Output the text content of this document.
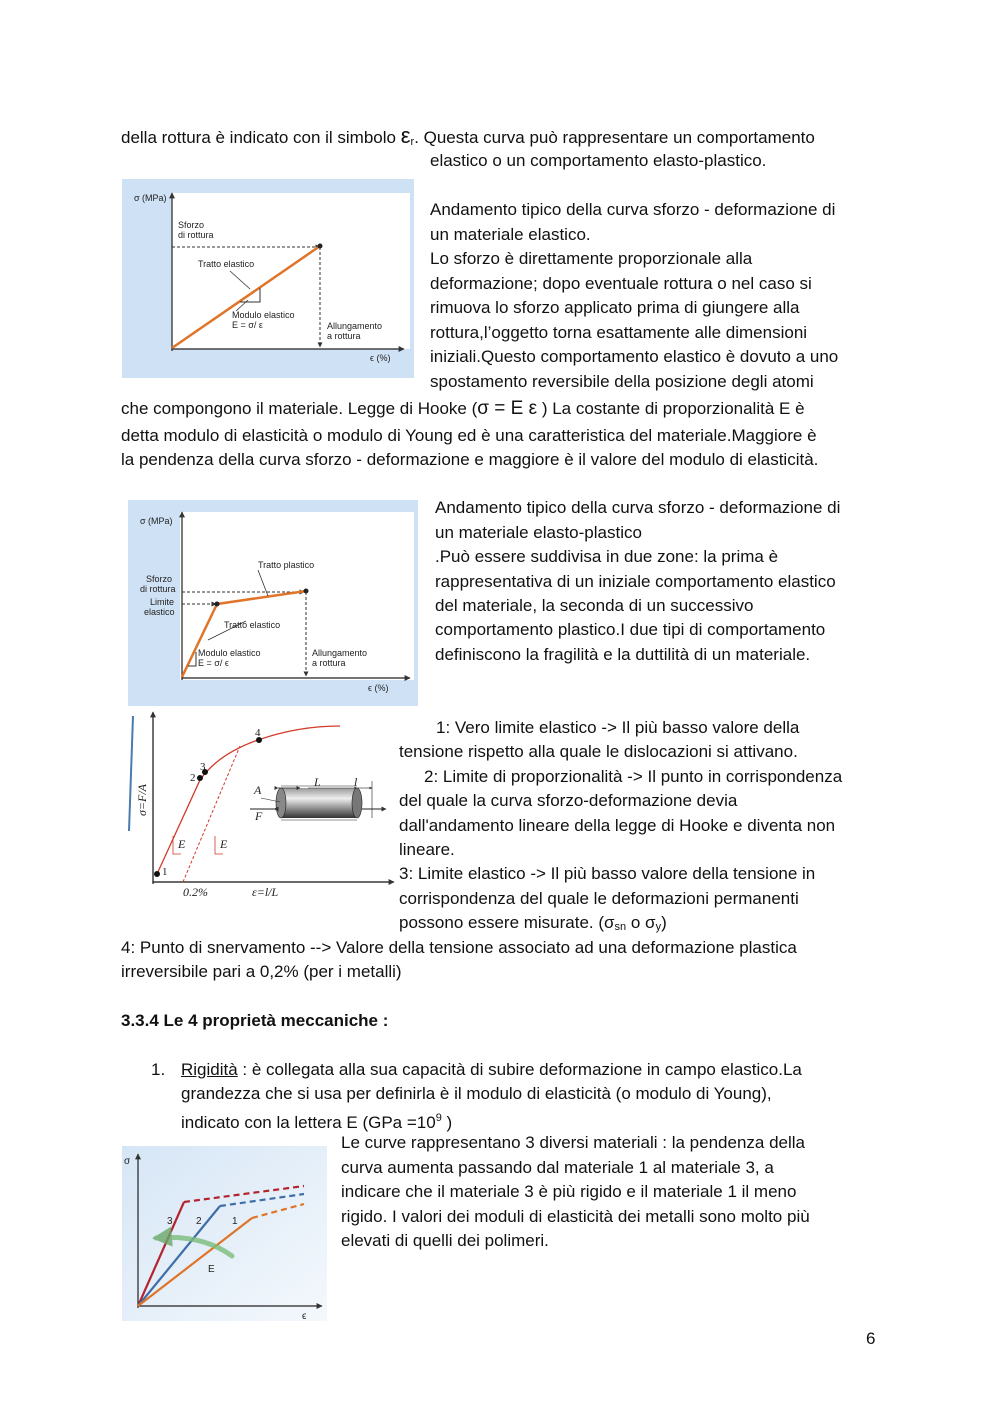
della rottura è indicato con il simbolo εr. Questa curva può rappresentare un comportamento
elastico o un comportamento elasto-plastico.
σ (MPa)
Sforzo
di rottura
Tratto elastico
Modulo elastico
E = σ/ ε	Allungamento
a rottura
ϵ (%)
Andamento tipico della curva sforzo - deformazione di
un materiale elastico.
Lo sforzo è direttamente proporzionale alla
deformazione; dopo eventuale rottura o nel caso si
rimuova lo sforzo applicato prima di giungere alla
rottura,l’oggetto torna esattamente alle dimensioni
iniziali.Questo comportamento elastico è dovuto a uno
spostamento reversibile della posizione degli atomi
che compongono il materiale. Legge di Hooke (σ = E ε ) La costante di proporzionalità E è
detta modulo di elasticità o modulo di Young ed è una caratteristica del materiale.Maggiore è
la pendenza della curva sforzo - deformazione e maggiore è il valore del modulo di elasticità.
σ (MPa)
Tratto plastico
Sforzo
di rottura
Limite
elastico
Tratto elastico
Modulo elastico
E = σ/ ϵ
Allungamento
a rottura
ϵ (%)
Andamento tipico della curva sforzo - deformazione di
un materiale elasto-plastico
.Può essere suddivisa in due zone: la prima è
rappresentativa di un iniziale comportamento elastico
del materiale, la seconda di un successivo
comportamento plastico.I due tipi di comportamento
definiscono la fragilità e la duttilità di un materiale.
σ=F/A
ε=l/L
0.2%
E	E
F
A
L	l
1
2
3
4	1: Vero limite elastico -> Il più basso valore della
tensione rispetto alla quale le dislocazioni si attivano.
2: Limite di proporzionalità -> Il punto in corrispondenza
del quale la curva sforzo-deformazione devia
dall'andamento lineare della legge di Hooke e diventa non
lineare.
3: Limite elastico -> Il più basso valore della tensione in
corrispondenza del quale le deformazioni permanenti
possono essere misurate. (σsn o σy)
4: Punto di snervamento --> Valore della tensione associato ad una deformazione plastica
irreversibile pari a 0,2% (per i metalli)
3.3.4 Le 4 proprietà meccaniche :
1. Rigidità : è collegata alla sua capacità di subire deformazione in campo elastico.La
grandezza che si usa per definirla è il modulo di elasticità (o modulo di Young),
indicato con la lettera E ($GPa =10^9$ )
σ
ϵ
3 2	1
E
Le curve rappresentano 3 diversi materiali : la pendenza della
curva aumenta passando dal materiale 1 al materiale 3, a
indicare che il materiale 3 è più rigido e il materiale 1 il meno
rigido. I valori dei moduli di elasticità dei metalli sono molto più
elevati di quelli dei polimeri.
6
